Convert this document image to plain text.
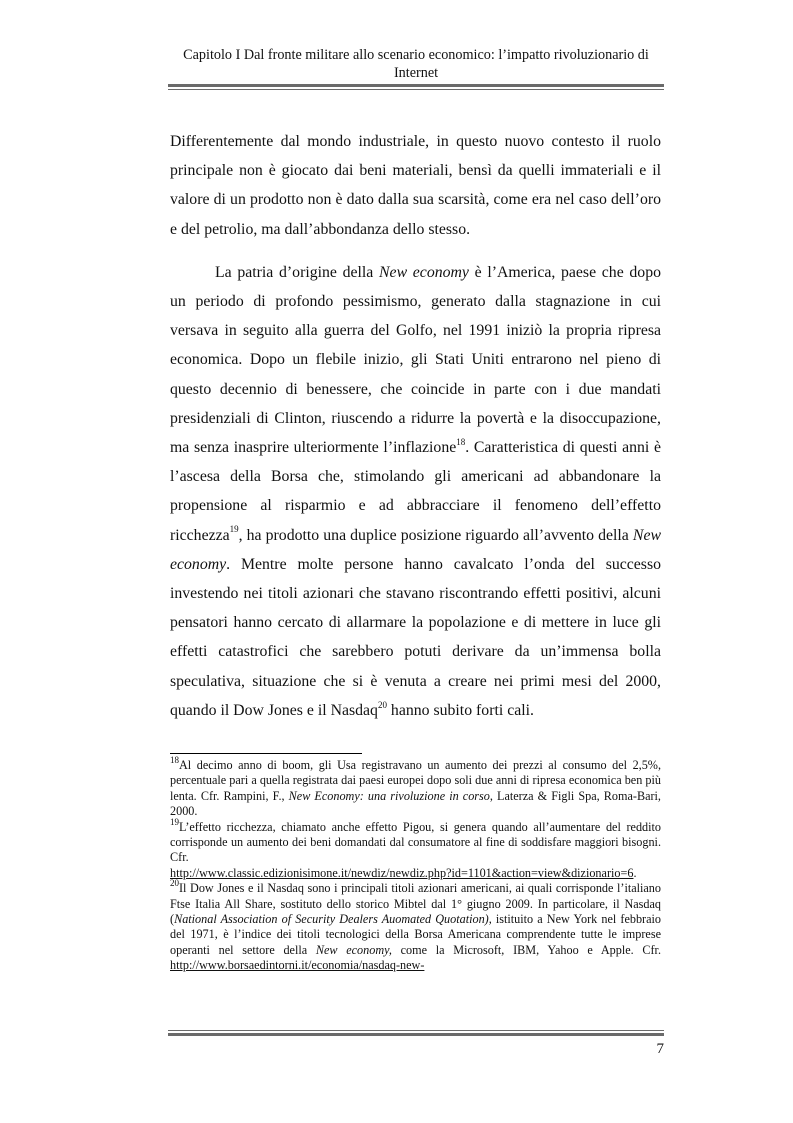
Capitolo I Dal fronte militare allo scenario economico: l’impatto rivoluzionario di
Internet

Differentemente dal mondo industriale, in questo nuovo contesto il ruolo principale non è giocato dai beni materiali, bensì da quelli immateriali e il valore di un prodotto non è dato dalla sua scarsità, come era nel caso dell’oro e del petrolio, ma dall’abbondanza dello stesso.

La patria d’origine della New economy è l’America, paese che dopo un periodo di profondo pessimismo, generato dalla stagnazione in cui versava in seguito alla guerra del Golfo, nel 1991 iniziò la propria ripresa economica. Dopo un flebile inizio, gli Stati Uniti entrarono nel pieno di questo decennio di benessere, che coincide in parte con i due mandati presidenziali di Clinton, riuscendo a ridurre la povertà e la disoccupazione, ma senza inasprire ulteriormente l’inflazione$^{18}$. Caratteristica di questi anni è l’ascesa della Borsa che, stimolando gli americani ad abbandonare la propensione al risparmio e ad abbracciare il fenomeno dell’effetto ricchezza$^{19}$, ha prodotto una duplice posizione riguardo all’avvento della New economy. Mentre molte persone hanno cavalcato l’onda del successo investendo nei titoli azionari che stavano riscontrando effetti positivi, alcuni pensatori hanno cercato di allarmare la popolazione e di mettere in luce gli effetti catastrofici che sarebbero potuti derivare da un’immensa bolla speculativa, situazione che si è venuta a creare nei primi mesi del 2000, quando il Dow Jones e il Nasdaq$^{20}$ hanno subito forti cali.

$^{18}$Al decimo anno di boom, gli Usa registravano un aumento dei prezzi al consumo del 2,5%, percentuale pari a quella registrata dai paesi europei dopo soli due anni di ripresa economica ben più lenta. Cfr. Rampini, F., New Economy: una rivoluzione in corso, Laterza & Figli Spa, Roma-Bari, 2000.

$^{19}$L’effetto ricchezza, chiamato anche effetto Pigou, si genera quando all’aumentare del reddito corrisponde un aumento dei beni domandati dal consumatore al fine di soddisfare maggiori bisogni. Cfr.
http://www.classic.edizionisimone.it/newdiz/newdiz.php?id=1101&action=view&dizionario=6.

$^{20}$Il Dow Jones e il Nasdaq sono i principali titoli azionari americani, ai quali corrisponde l’italiano Ftse Italia All Share, sostituto dello storico Mibtel dal 1° giugno 2009. In particolare, il Nasdaq (National Association of Security Dealers Auomated Quotation), istituito a New York nel febbraio del 1971, è l’indice dei titoli tecnologici della Borsa Americana comprendente tutte le imprese operanti nel settore della New economy, come la Microsoft, IBM, Yahoo e Apple. Cfr. http://www.borsaedintorni.it/economia/nasdaq-new-

7
